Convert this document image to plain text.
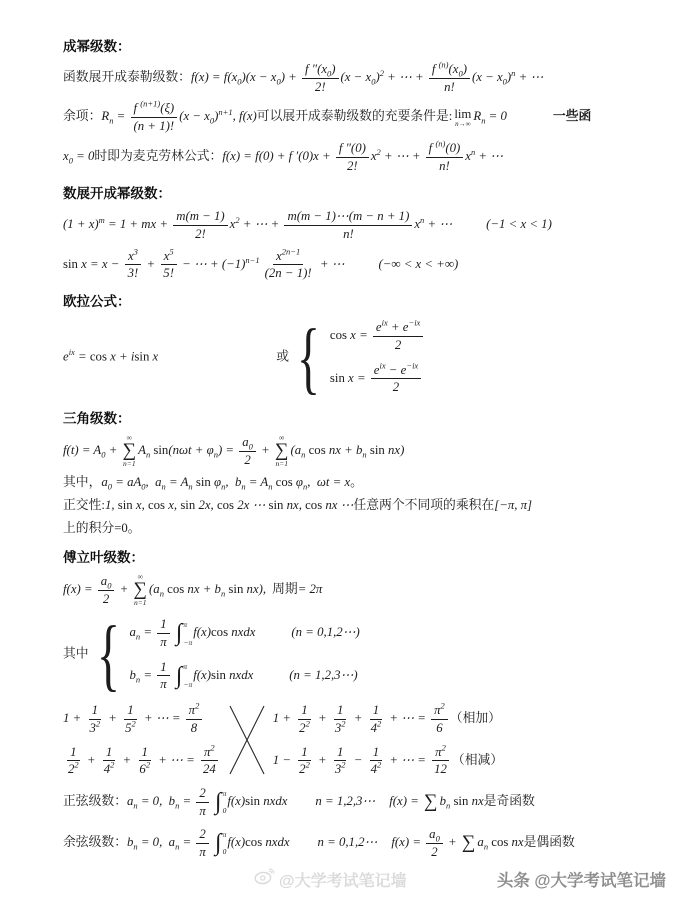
成幂级数：
函数展开成泰勒级数：$f(x) = f(x_0)(x - x_0) + \frac{f ''(x_0)}{2!} (x - x_0)^2$ + ⋯ + $\frac{f ^{(n)}(x_0)}{n!} (x - x_0)^n$ + ⋯
余项：$R_n = \frac{f ^{(n+1)}(\xi)}{(n + 1)!} (x - x_0)^{n+1}$, f(x)可以展开成泰勒级数的充要条件是: lim
n→∞ $R_n = 0$	一些函
$x_0 = 0$时即为麦克劳林公式：f(x) = f(0) + f $'(0)x + \frac{f ''(0)}{2!} x^2$ + ⋯ + $\frac{f ^{(n)}(0)}{n!} x^n$ + ⋯
数展开成幂级数：
$(1 + x)^m = 1$ + mx + $\frac{m(m - 1)}{2!} x^2$ + ⋯ + $\frac{m(m - 1)\cdots(m - n + 1)}{n!} x^n$ + ⋯	(−1 < x < 1)
$\sin x = x - \frac{x^3}{3!} + \frac{x^5}{5!}$ − ⋯ + $(-1)^{n-1} \frac{x^{2n-1}}{(2n - 1)!}$ + ⋯	(−∞ < x < +∞)
欧拉公式：
$e^{ix} = \cos x + isin$ x	或 { $\cos x = \frac{e^{ix} + e^{-ix}}{2}$
$\sin x = \frac{e^{ix} - e^{-ix}}{2}$
三角级数：
$f(t) = A_0$ +
∞
∑
n=1
$A_n$ $\sin(n\omega t + \varphi_n) = \frac{a_0}{2}$ +
∞
∑
n=1
($a_n$ cos nx + $b_n$ sin nx)
其中，$a_0 = aA_0$,  $a_n = A_n$ $\sin \varphi_n$,  $b_n = A_n$ $\cos \varphi_n$,  ωt = x。
正交性:1, sin x, cos x, sin 2x, cos 2x ⋯ sin nx, cos nx ⋯任意两个不同项的乘积在[−π, π]
上的积分=0。
傅立叶级数：
$f(x) = \frac{a_0}{2}$ +
∞
∑
n=1
($a_n$ cos nx + $b_n$ sin nx), 周期= 2π
其中 { $a_n = \frac{1}{\pi}$
∫ π
−π
f(x)cos nxdx	(n = 0,1,2⋯)
$b_n = \frac{1}{\pi}$
∫ π
−π
f(x)sin nxdx	(n = 1,2,3⋯)
$1 + \frac{1}{3^2} + \frac{1}{5^2}$ + ⋯ = $\frac{\pi^2}{8}$
$\frac{1}{2^2} + \frac{1}{4^2} + \frac{1}{6^2}$ + ⋯ = $\frac{\pi^2}{24}$
$1 + \frac{1}{2^2} + \frac{1}{3^2} + \frac{1}{4^2}$ + ⋯ = $\frac{\pi^2}{6}$ （相加）
$1 - \frac{1}{2^2} + \frac{1}{3^2} - \frac{1}{4^2}$ + ⋯ = $\frac{\pi^2}{12}$ （相减）
正弦级数：$a_n = 0$,  $b_n = \frac{2}{\pi}$
∫ π
0
f(x)sin nxdx n = 1,2,3⋯ f(x) = ∑ $b_n$ sin nx是奇函数
余弦级数：$b_n = 0$,  $a_n = \frac{2}{\pi}$
∫ π
0
f(x)cos nxdx n = 0,1,2⋯ $f(x) = \frac{a_0}{2}$ + ∑ $a_n$ cos nx是偶函数
@大学考试笔记墙	头条 @大学考试笔记墙
